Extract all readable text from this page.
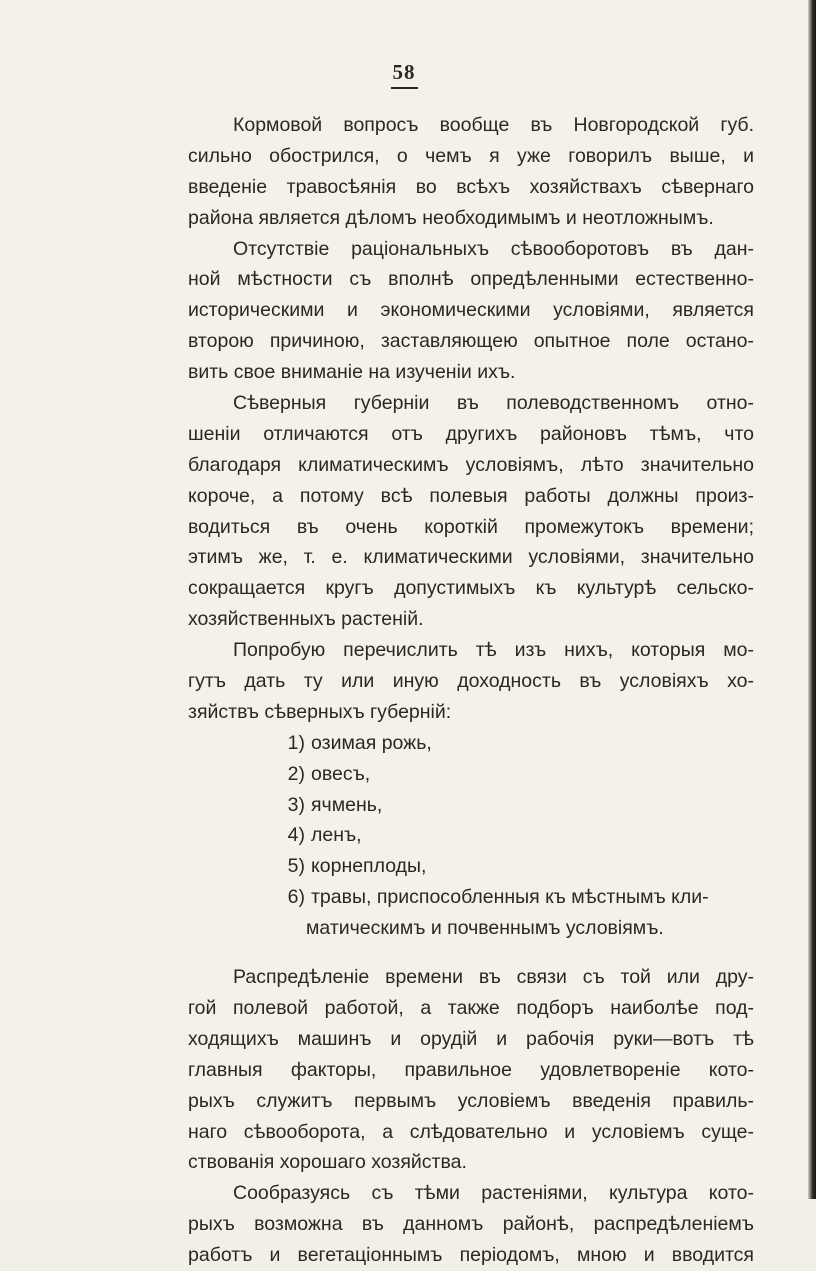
58
Кормовой вопросъ вообще въ Новгородской губ.
сильно обострился, о чемъ я уже говорилъ выше, и
введеніе травосѣянія во всѣхъ хозяйствахъ сѣвернаго
района является дѣломъ необходимымъ и неотложнымъ.
Отсутствіе раціональныхъ сѣвооборотовъ въ дан-
ной мѣстности съ вполнѣ опредѣленными естественно-
историческими и экономическими условіями, является
второю причиною, заставляющею опытное поле остано-
вить свое вниманіе на изученіи ихъ.
Сѣверныя губерніи въ полеводственномъ отно-
шеніи отличаются отъ другихъ районовъ тѣмъ, что
благодаря климатическимъ условіямъ, лѣто значительно
короче, а потому всѣ полевыя работы должны произ-
водиться въ очень короткій промежутокъ времени;
этимъ же, т. е. климатическими условіями, значительно
сокращается кругъ допустимыхъ къ культурѣ сельско-
хозяйственныхъ растеній.
Попробую перечислить тѣ изъ нихъ, которыя мо-
гутъ дать ту или иную доходность въ условіяхъ хо-
зяйствъ сѣверныхъ губерній:
1) озимая рожь,
2) овесъ,
3) ячмень,
4) ленъ,
5) корнеплоды,
6) травы, приспособленныя къ мѣстнымъ кли-
матическимъ и почвеннымъ условіямъ.
Распредѣленіе времени въ связи съ той или дру-
гой полевой работой, а также подборъ наиболѣе под-
ходящихъ машинъ и орудій и рабочія руки—вотъ тѣ
главныя факторы, правильное удовлетвореніе кото-
рыхъ служитъ первымъ условіемъ введенія правиль-
наго сѣвооборота, а слѣдовательно и условіемъ суще-
ствованія хорошаго хозяйства.
Сообразуясь съ тѣми растеніями, культура кото-
рыхъ возможна въ данномъ районѣ, распредѣленіемъ
работъ и вегетаціоннымъ періодомъ, мною и вводится
